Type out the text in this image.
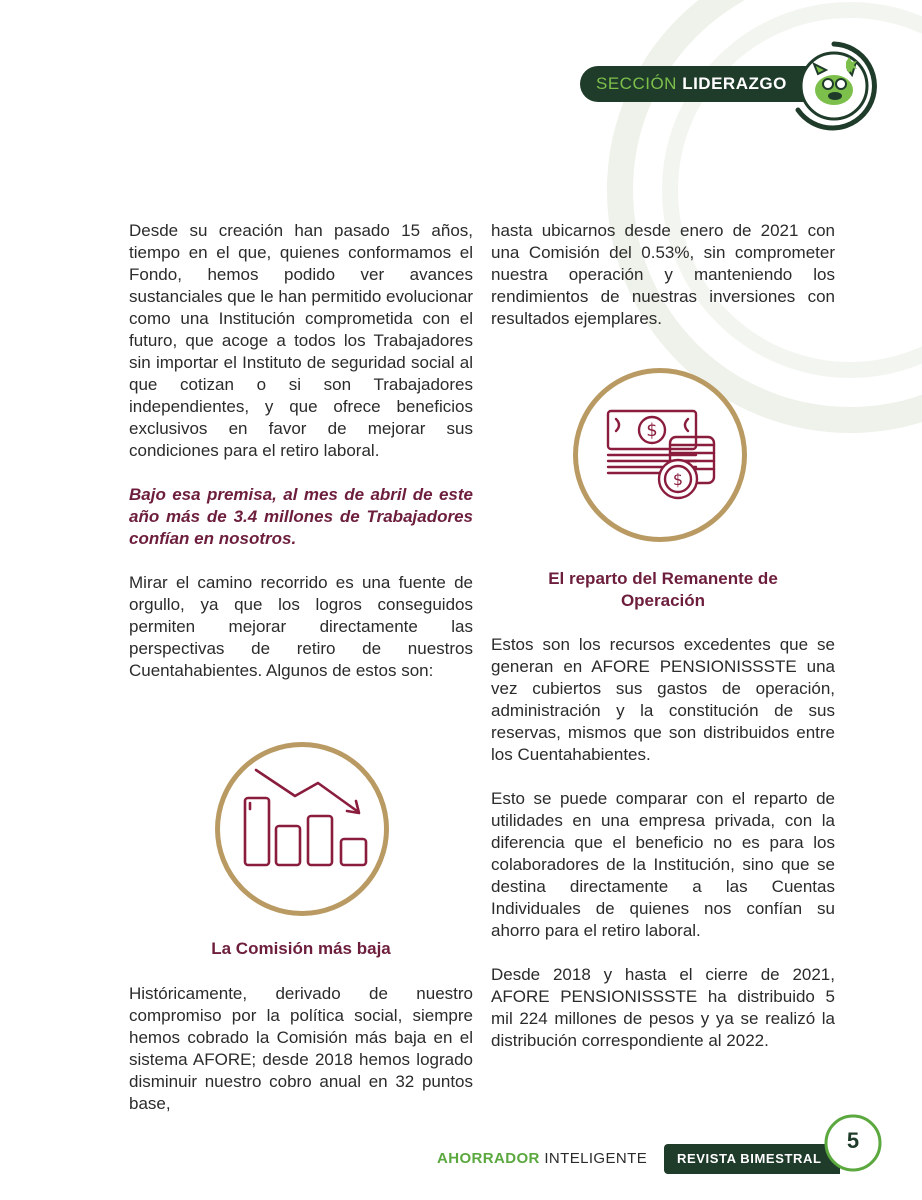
SECCIÓN LIDERAZGO

Desde su creación han pasado 15 años, tiempo en el que, quienes conformamos el Fondo, hemos podido ver avances sustanciales que le han permitido evolucionar como una Institución comprometida con el futuro, que acoge a todos los Trabajadores sin importar el Instituto de seguridad social al que cotizan o si son Trabajadores independientes, y que ofrece beneficios exclusivos en favor de mejorar sus condiciones para el retiro laboral.

Bajo esa premisa, al mes de abril de este año más de 3.4 millones de Trabajadores confían en nosotros.

Mirar el camino recorrido es una fuente de orgullo, ya que los logros conseguidos permiten mejorar directamente las perspectivas de retiro de nuestros Cuentahabientes. Algunos de estos son:

La Comisión más baja

Históricamente, derivado de nuestro compromiso por la política social, siempre hemos cobrado la Comisión más baja en el sistema AFORE; desde 2018 hemos logrado disminuir nuestro cobro anual en 32 puntos base,

hasta ubicarnos desde enero de 2021 con una Comisión del 0.53%, sin comprometer nuestra operación y manteniendo los rendimientos de nuestras inversiones con resultados ejemplares.

$
$

El reparto del Remanente de

Operación

Estos son los recursos excedentes que se generan en AFORE PENSIONISSSTE una vez cubiertos sus gastos de operación, administración y la constitución de sus reservas, mismos que son distribuidos entre los Cuentahabientes.

Esto se puede comparar con el reparto de utilidades en una empresa privada, con la diferencia que el beneficio no es para los colaboradores de la Institución, sino que se destina directamente a las Cuentas Individuales de quienes nos confían su ahorro para el retiro laboral.

Desde 2018 y hasta el cierre de 2021, AFORE PENSIONISSSTE ha distribuido 5 mil 224 millones de pesos y ya se realizó la distribución correspondiente al 2022.

AHORRADOR INTELIGENTE REVISTA BIMESTRAL
5
